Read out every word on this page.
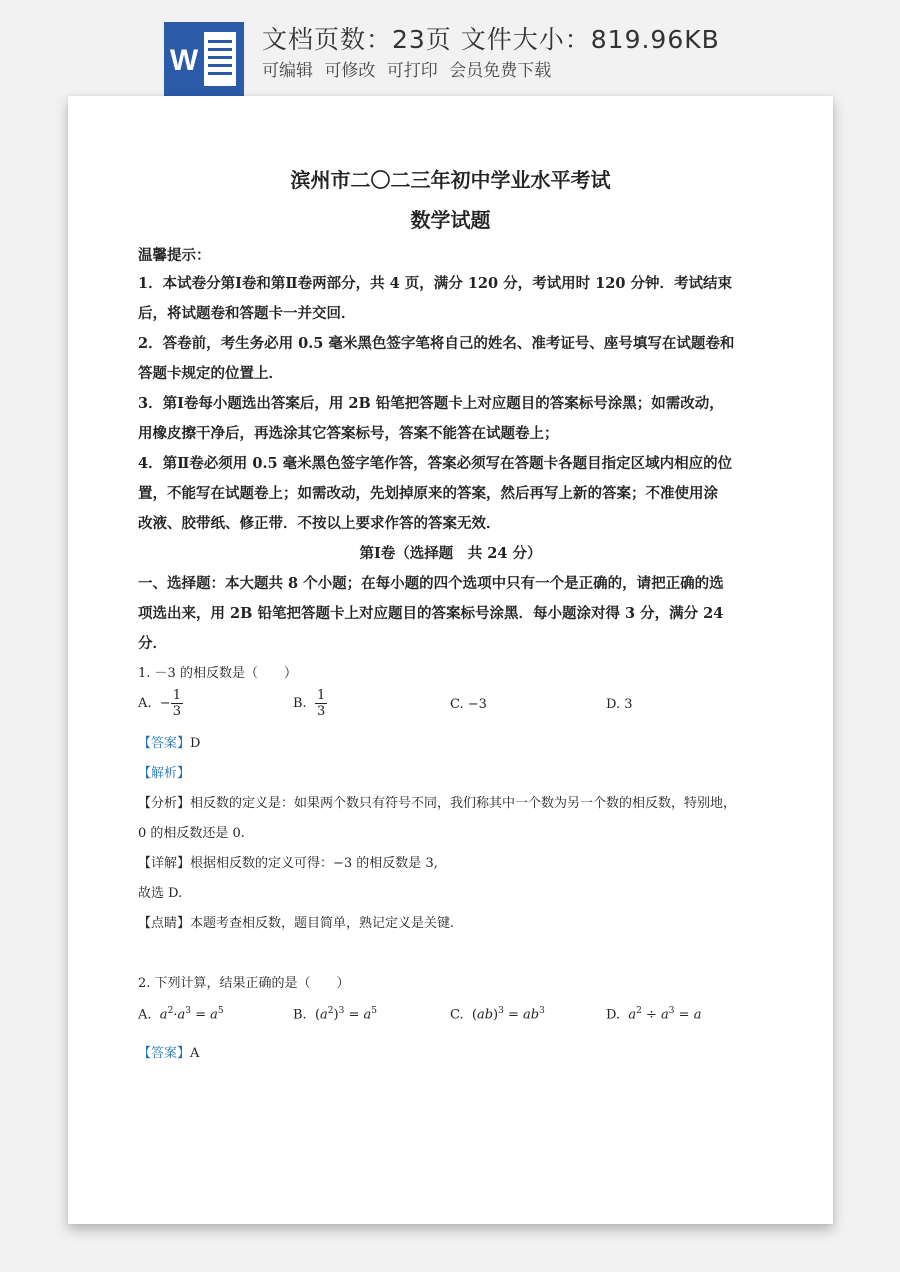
W
文档页数：23页 文件大小：819.96KB
可编辑 可修改 可打印 会员免费下载
滨州市二〇二三年初中学业水平考试
数学试题
温馨提示：
1．本试卷分第Ⅰ卷和第Ⅱ卷两部分，共 4 页，满分 120 分，考试用时 120 分钟．考试结束
后，将试题卷和答题卡一并交回．
2．答卷前，考生务必用 0.5 毫米黑色签字笔将自己的姓名、准考证号、座号填写在试题卷和
答题卡规定的位置上．
3．第Ⅰ卷每小题选出答案后，用 2B 铅笔把答题卡上对应题目的答案标号涂黑；如需改动，
用橡皮擦干净后，再选涂其它答案标号，答案不能答在试题卷上；
4．第Ⅱ卷必须用 0.5 毫米黑色签字笔作答，答案必须写在答题卡各题目指定区域内相应的位
置，不能写在试题卷上；如需改动，先划掉原来的答案，然后再写上新的答案；不准使用涂
改液、胶带纸、修正带．不按以上要求作答的答案无效．
第Ⅰ卷（选择题　共 24 分）
一、选择题：本大题共 8 个小题；在每小题的四个选项中只有一个是正确的，请把正确的选
项选出来，用 2B 铅笔把答题卡上对应题目的答案标号涂黑．每小题涂对得 3 分，满分 24
分．
1. －3 的相反数是（　　）
A. − $\frac{1}{3}$	B. $\frac{1}{3}$	C. −3	D. 3
【答案】D
【解析】
【分析】相反数的定义是：如果两个数只有符号不同，我们称其中一个数为另一个数的相反数，特别地，
0 的相反数还是 0.
【详解】根据相反数的定义可得：−3 的相反数是 3,
故选 D.
【点睛】本题考查相反数，题目简单，熟记定义是关键.
2. 下列计算，结果正确的是（　　）
A. $a^2\cdot a^3 = a^5$	B.  $(a^2)^3 = a^5$	C.  $(ab)^3 = ab^3$	D. $a^2 \div a^3 = a$
【答案】A
